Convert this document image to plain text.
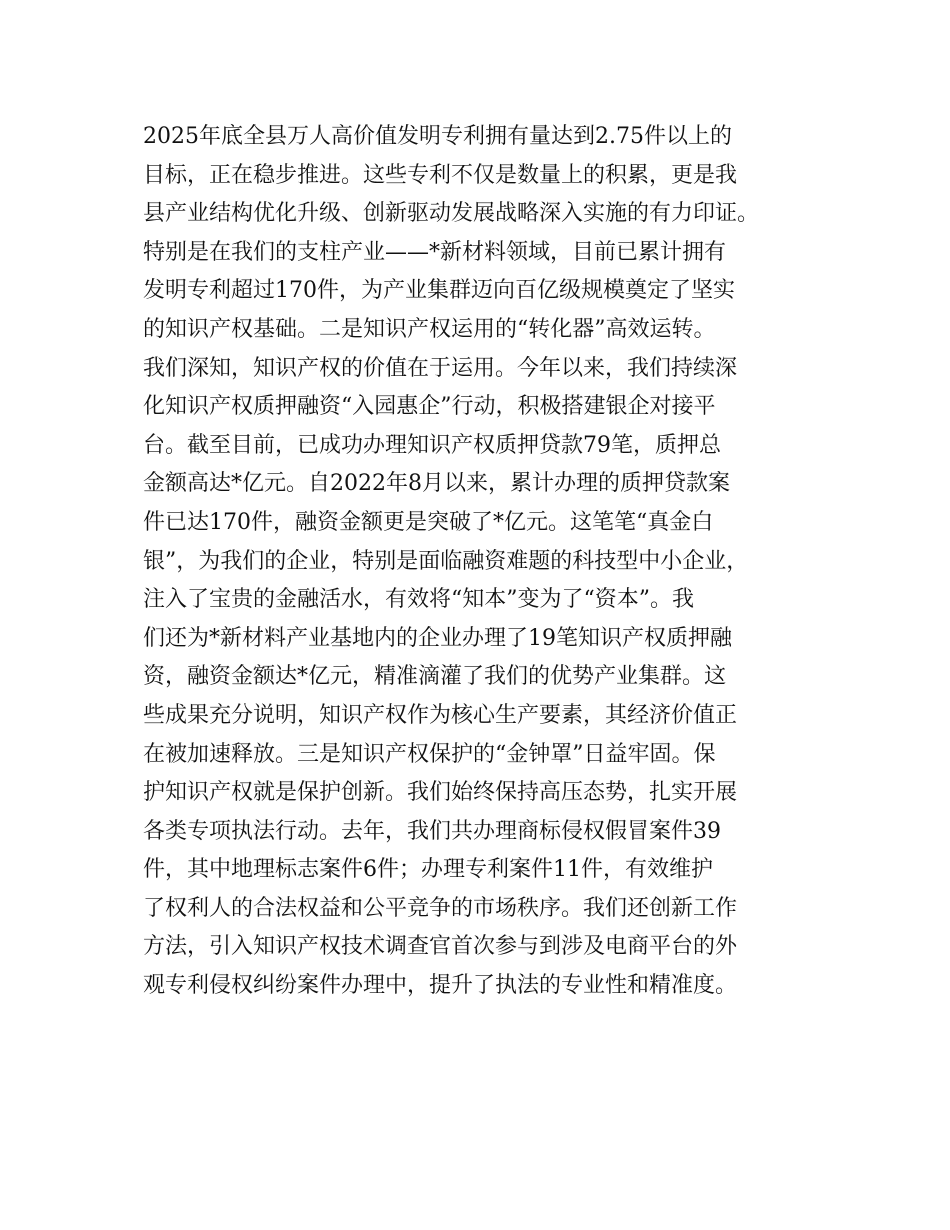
2025年底全县万人高价值发明专利拥有量达到2.75件以上的
目标，正在稳步推进。这些专利不仅是数量上的积累，更是我
县产业结构优化升级、创新驱动发展战略深入实施的有力印证。
特别是在我们的支柱产业——*新材料领域，目前已累计拥有
发明专利超过170件，为产业集群迈向百亿级规模奠定了坚实
的知识产权基础。二是知识产权运用的“转化器”高效运转。
我们深知，知识产权的价值在于运用。今年以来，我们持续深
化知识产权质押融资“入园惠企”行动，积极搭建银企对接平
台。截至目前，已成功办理知识产权质押贷款79笔，质押总
金额高达*亿元。自2022年8月以来，累计办理的质押贷款案
件已达170件，融资金额更是突破了*亿元。这笔笔“真金白
银”，为我们的企业，特别是面临融资难题的科技型中小企业，
注入了宝贵的金融活水，有效将“知本”变为了“资本”。我
们还为*新材料产业基地内的企业办理了19笔知识产权质押融
资，融资金额达*亿元，精准滴灌了我们的优势产业集群。这
些成果充分说明，知识产权作为核心生产要素，其经济价值正
在被加速释放。三是知识产权保护的“金钟罩”日益牢固。保
护知识产权就是保护创新。我们始终保持高压态势，扎实开展
各类专项执法行动。去年，我们共办理商标侵权假冒案件39
件，其中地理标志案件6件；办理专利案件11件，有效维护
了权利人的合法权益和公平竞争的市场秩序。我们还创新工作
方法，引入知识产权技术调查官首次参与到涉及电商平台的外
观专利侵权纠纷案件办理中，提升了执法的专业性和精准度。
